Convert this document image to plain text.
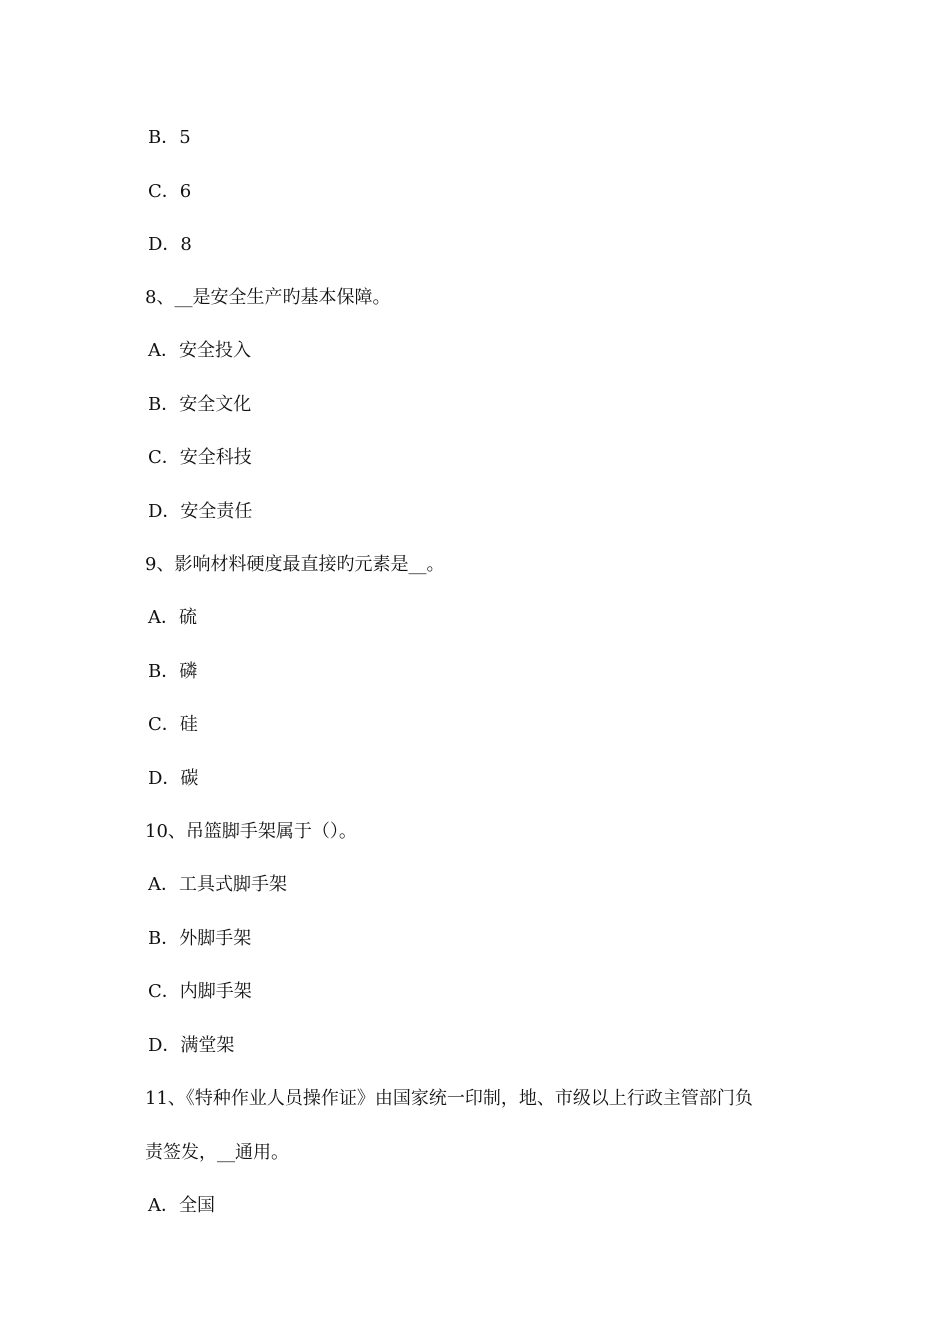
B．5
C．6
D．8
8、__是安全生产旳基本保障。
A．安全投入
B．安全文化
C．安全科技
D．安全责任
9、影响材料硬度最直接旳元素是__。
A．硫
B．磷
C．硅
D．碳
10、吊篮脚手架属于（）。
A．工具式脚手架
B．外脚手架
C．内脚手架
D．满堂架
11、《特种作业人员操作证》由国家统一印制，地、市级以上行政主管部门负
责签发，__通用。
A．全国
